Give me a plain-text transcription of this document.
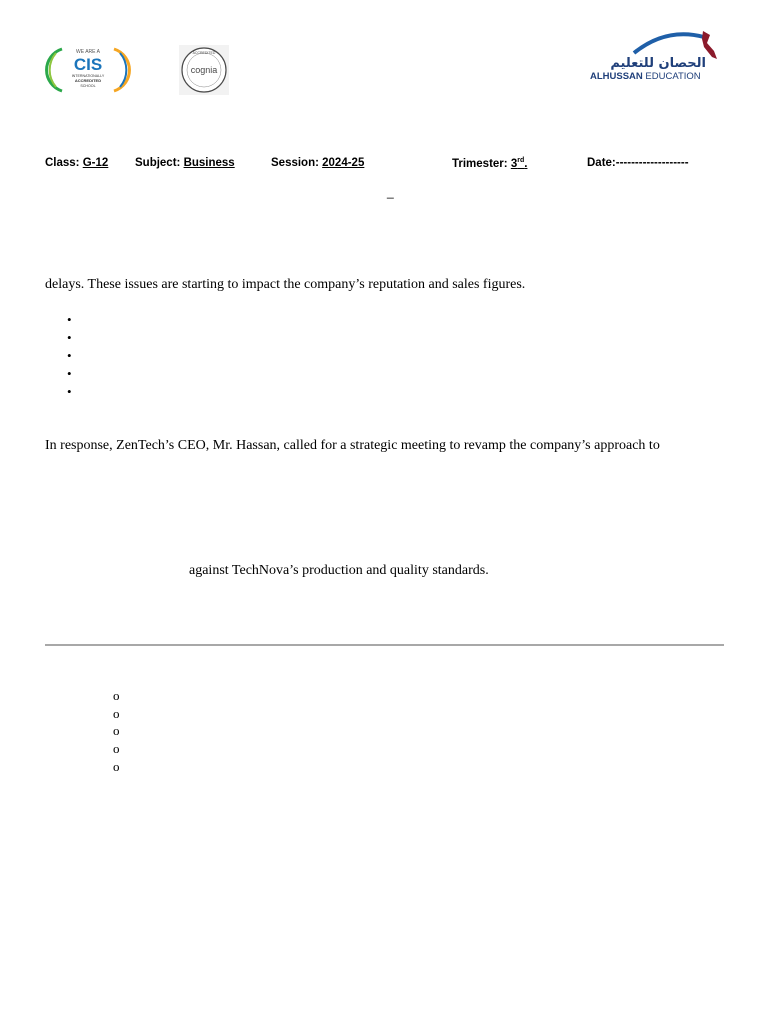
WE ARE A
CIS
INTERNATIONALLY
ACCREDITED
SCHOOL
ACCREDITED
cognia	الحصان للتعليم
ALHUSSAN EDUCATION
Class: G-12 Subject: Business	Session: 2024-25	Trimester: 3rd.	Date:-------------------
_
delays. These issues are starting to impact the company’s reputation and sales figures.
•
•
•
•
•
In response, ZenTech’s CEO, Mr. Hassan, called for a strategic meeting to revamp the company’s approach to
against TechNova’s production and quality standards.
o
o
o
o
o
